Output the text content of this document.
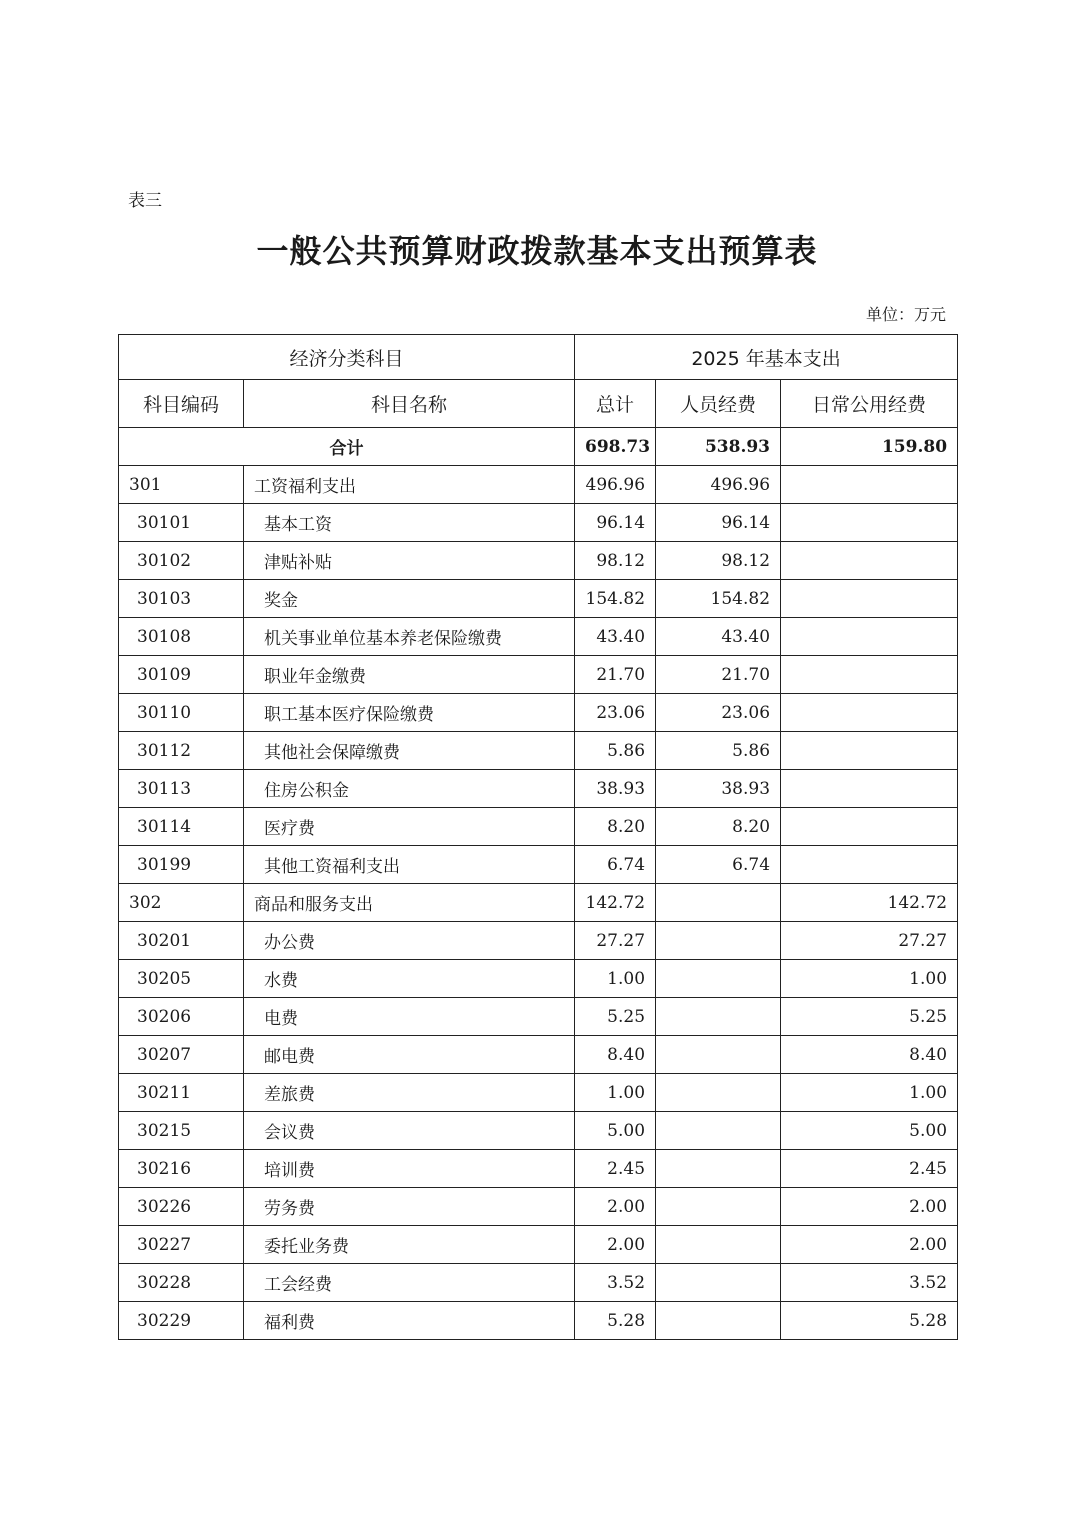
表三
一般公共预算财政拨款基本支出预算表
单位：万元
经济分类科目		2025 年基本支出		
科目编码	科目名称	总计	人员经费	日常公用经费
合计		698.73	538.93	159.80
301	工资福利支出	496.96	496.96	
30101	基本工资	96.14	96.14	
30102	津贴补贴	98.12	98.12	
30103	奖金	154.82	154.82	
30108	机关事业单位基本养老保险缴费	43.40	43.40	
30109	职业年金缴费	21.70	21.70	
30110	职工基本医疗保险缴费	23.06	23.06	
30112	其他社会保障缴费	5.86	5.86	
30113	住房公积金	38.93	38.93	
30114	医疗费	8.20	8.20	
30199	其他工资福利支出	6.74	6.74	
302	商品和服务支出	142.72		142.72
30201	办公费	27.27		27.27
30205	水费	1.00		1.00
30206	电费	5.25		5.25
30207	邮电费	8.40		8.40
30211	差旅费	1.00		1.00
30215	会议费	5.00		5.00
30216	培训费	2.45		2.45
30226	劳务费	2.00		2.00
30227	委托业务费	2.00		2.00
30228	工会经费	3.52		3.52
30229	福利费	5.28		5.28
